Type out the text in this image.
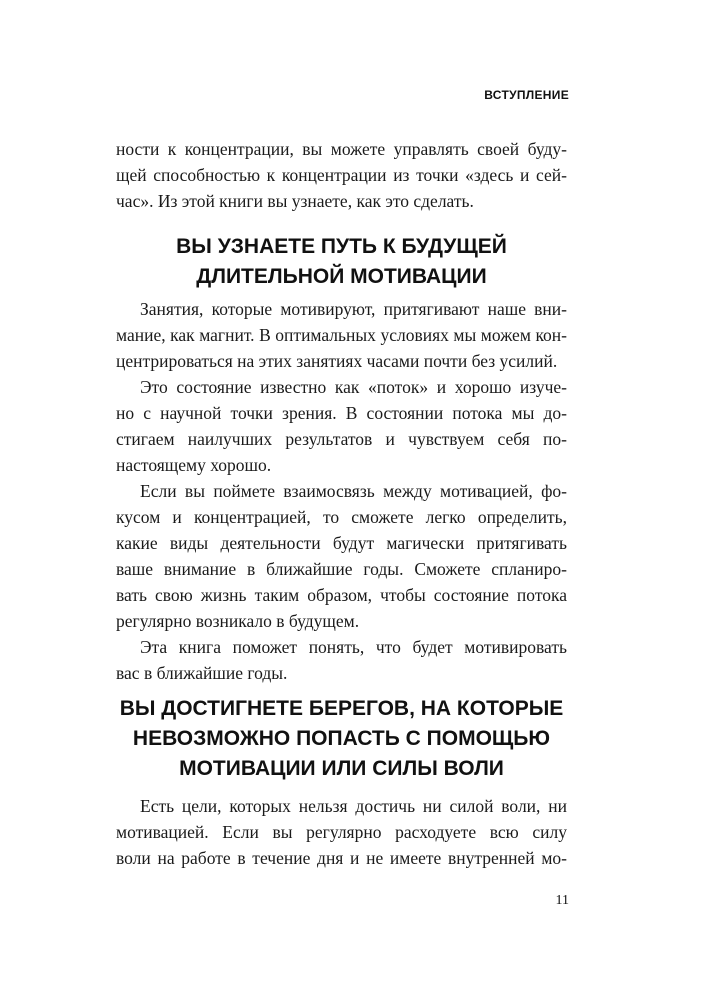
ВСТУПЛЕНИЕ

ности к концентрации, вы можете управлять своей буду-
щей способностью к концентрации из точки «здесь и сей-
час». Из этой книги вы узнаете, как это сделать.

ВЫ УЗНАЕТЕ ПУТЬ К БУДУЩЕЙ
ДЛИТЕЛЬНОЙ МОТИВАЦИИ

Занятия, которые мотивируют, притягивают наше вни-
мание, как магнит. В оптимальных условиях мы можем кон-
центрироваться на этих занятиях часами почти без усилий.

Это состояние известно как «поток» и хорошо изуче-
но с научной точки зрения. В состоянии потока мы до-
стигаем наилучших результатов и чувствуем себя по-
настоящему хорошо.

Если вы поймете взаимосвязь между мотивацией, фо-
кусом и концентрацией, то сможете легко определить,
какие виды деятельности будут магически притягивать
ваше внимание в ближайшие годы. Сможете спланиро-
вать свою жизнь таким образом, чтобы состояние потока
регулярно возникало в будущем.

Эта книга поможет понять, что будет мотивировать
вас в ближайшие годы.

ВЫ ДОСТИГНЕТЕ БЕРЕГОВ, НА КОТОРЫЕ
НЕВОЗМОЖНО ПОПАСТЬ С ПОМОЩЬЮ
МОТИВАЦИИ ИЛИ СИЛЫ ВОЛИ

Есть цели, которых нельзя достичь ни силой воли, ни
мотивацией. Если вы регулярно расходуете всю силу
воли на работе в течение дня и не имеете внутренней мо-

11
